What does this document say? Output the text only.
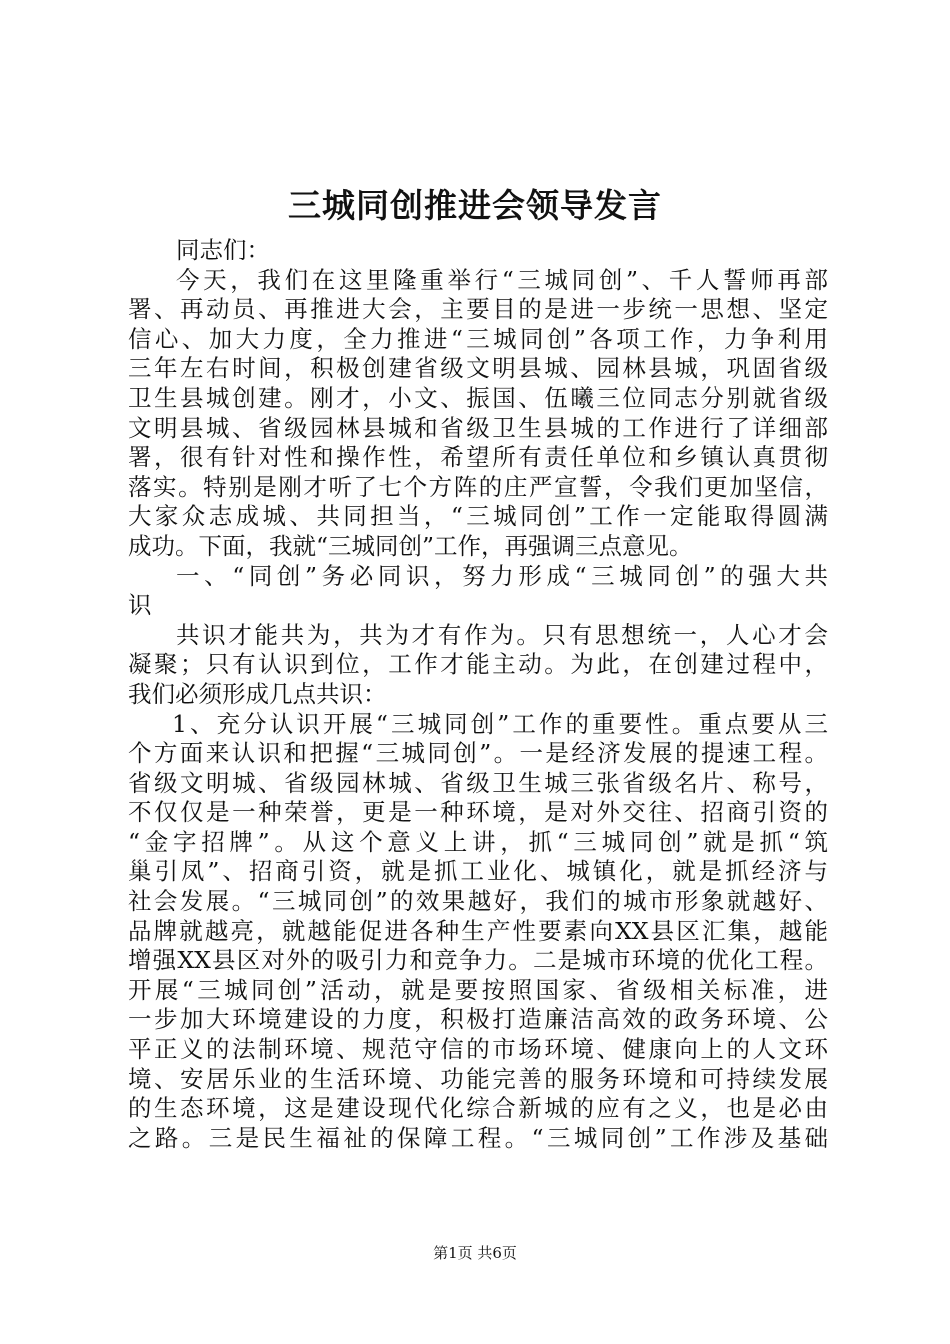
三城同创推进会领导发言
同志们：
今天，我们在这里隆重举行“三城同创”、千人誓师再部
署、再动员、再推进大会，主要目的是进一步统一思想、坚定
信心、加大力度，全力推进“三城同创”各项工作，力争利用
三年左右时间，积极创建省级文明县城、园林县城，巩固省级
卫生县城创建。刚才，小文、振国、伍曦三位同志分别就省级
文明县城、省级园林县城和省级卫生县城的工作进行了详细部
署，很有针对性和操作性，希望所有责任单位和乡镇认真贯彻
落实。特别是刚才听了七个方阵的庄严宣誓，令我们更加坚信，
大家众志成城、共同担当，“三城同创”工作一定能取得圆满
成功。下面，我就“三城同创”工作，再强调三点意见。
一、“同创”务必同识，努力形成“三城同创”的强大共
识
共识才能共为，共为才有作为。只有思想统一，人心才会
凝聚；只有认识到位，工作才能主动。为此，在创建过程中，
我们必须形成几点共识：
1、充分认识开展“三城同创”工作的重要性。重点要从三
个方面来认识和把握“三城同创”。一是经济发展的提速工程。
省级文明城、省级园林城、省级卫生城三张省级名片、称号，
不仅仅是一种荣誉，更是一种环境，是对外交往、招商引资的
“金字招牌”。从这个意义上讲，抓“三城同创”就是抓“筑
巢引凤”、招商引资，就是抓工业化、城镇化，就是抓经济与
社会发展。“三城同创”的效果越好，我们的城市形象就越好、
品牌就越亮，就越能促进各种生产性要素向XX县区汇集，越能
增强XX县区对外的吸引力和竞争力。二是城市环境的优化工程。
开展“三城同创”活动，就是要按照国家、省级相关标准，进
一步加大环境建设的力度，积极打造廉洁高效的政务环境、公
平正义的法制环境、规范守信的市场环境、健康向上的人文环
境、安居乐业的生活环境、功能完善的服务环境和可持续发展
的生态环境，这是建设现代化综合新城的应有之义，也是必由
之路。三是民生福祉的保障工程。“三城同创”工作涉及基础
第1页 共6页
